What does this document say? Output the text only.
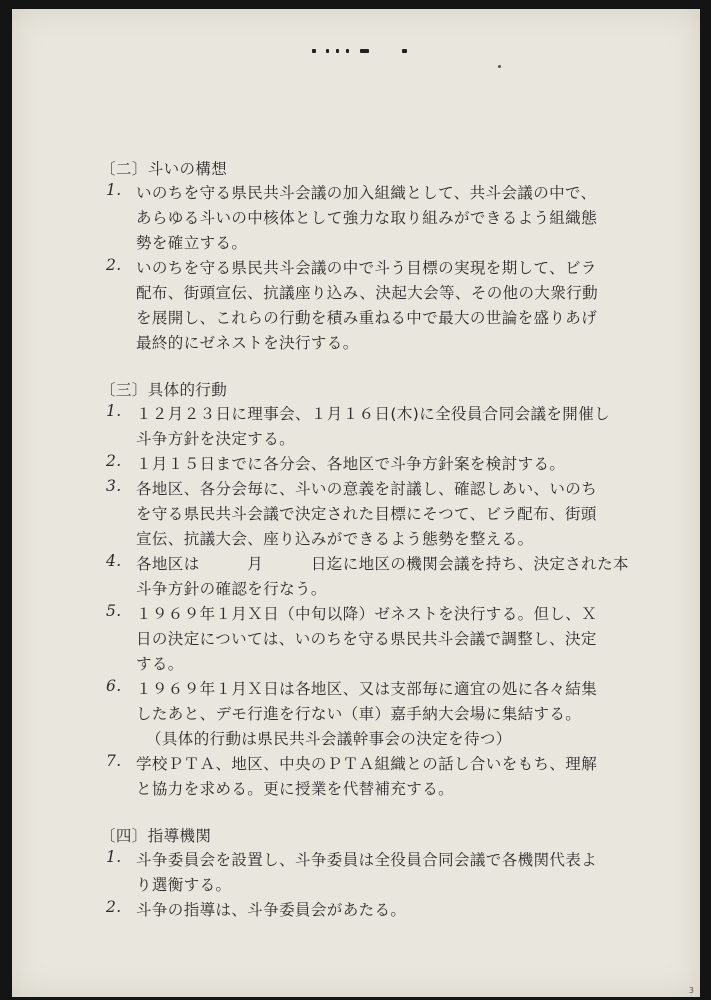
〔二〕斗いの構想
1. いのちを守る県民共斗会議の加入組織として、共斗会議の中で、
あらゆる斗いの中核体として強力な取り組みができるよう組織態
勢を確立する。
2. いのちを守る県民共斗会議の中で斗う目標の実現を期して、ビラ
配布、街頭宣伝、抗議座り込み、決起大会等、その他の大衆行動
を展開し、これらの行動を積み重ねる中で最大の世論を盛りあげ
最終的にゼネストを決行する。
〔三〕具体的行動
1. １２月２３日に理事会、１月１６日(木)に全役員合同会議を開催し
斗争方針を決定する。
2. １月１５日までに各分会、各地区で斗争方針案を検討する。
3. 各地区、各分会毎に、斗いの意義を討議し、確認しあい、いのち
を守る県民共斗会議で決定された目標にそつて、ビラ配布、街頭
宣伝、抗議大会、座り込みができるよう態勢を整える。
4. 各地区は　　　月　　　日迄に地区の機関会議を持ち、決定された本
斗争方針の確認を行なう。
5. １９６９年１月Ｘ日（中旬以降）ゼネストを決行する。但し、Ｘ
日の決定については、いのちを守る県民共斗会議で調整し、決定
する。
6. １９６９年１月Ｘ日は各地区、又は支部毎に適宜の処に各々結集
したあと、デモ行進を行ない（車）嘉手納大会場に集結する。
（具体的行動は県民共斗会議幹事会の決定を待つ）
7. 学校ＰＴＡ、地区、中央のＰＴＡ組織との話し合いをもち、理解
と協力を求める。更に授業を代替補充する。
〔四〕指導機関
1. 斗争委員会を設置し、斗争委員は全役員合同会議で各機関代表よ
り選衡する。
2. 斗争の指導は、斗争委員会があたる。
3
